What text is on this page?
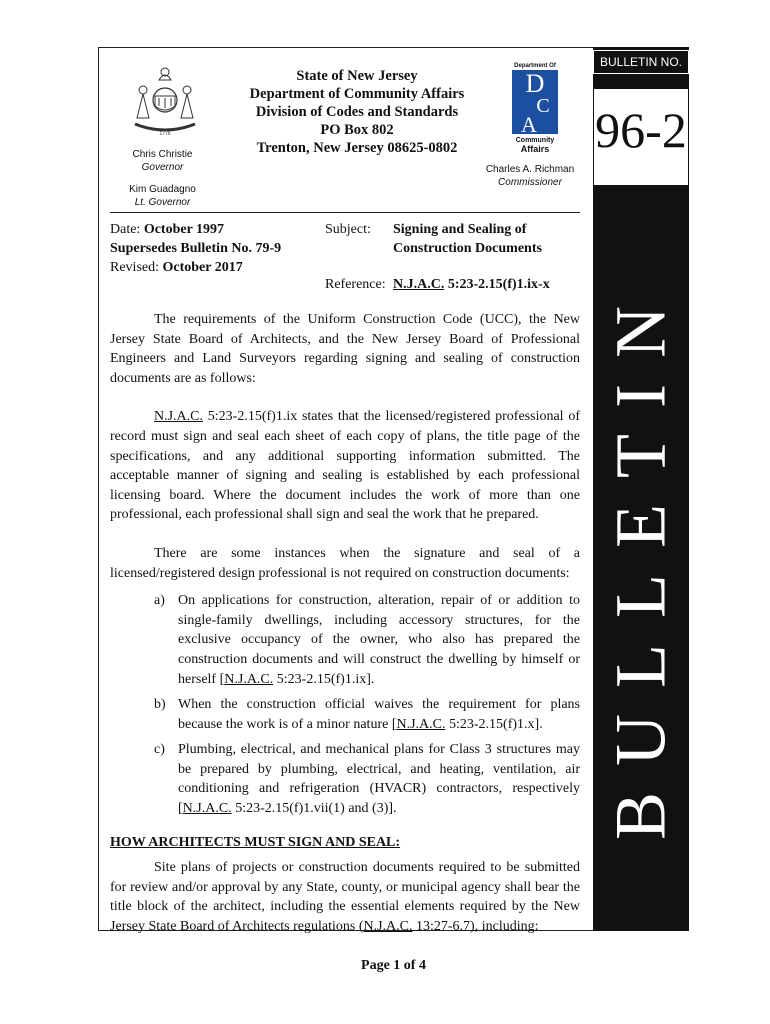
BULLETIN NO.
96-2
BULLETIN
1776
Chris Christie
Governor
Kim Guadagno
Lt. Governor
State of New Jersey
Department of Community Affairs
Division of Codes and Standards
PO Box 802
Trenton, New Jersey 08625-0802
Department Of
D
C
A
Community
Affairs
Charles A. Richman
Commissioner
Date: October 1997
Supersedes Bulletin No. 79-9
Revised: October 2017
Subject: Signing and Sealing of Construction Documents
Reference: N.J.A.C. 5:23-2.15(f)1.ix-x

The requirements of the Uniform Construction Code (UCC), the New Jersey State Board of Architects, and the New Jersey Board of Professional Engineers and Land Surveyors regarding signing and sealing of construction documents are as follows:

N.J.A.C. 5:23-2.15(f)1.ix states that the licensed/registered professional of record must sign and seal each sheet of each copy of plans, the title page of the specifications, and any additional supporting information submitted. The acceptable manner of signing and sealing is established by each professional licensing board. Where the document includes the work of more than one professional, each professional shall sign and seal the work that he prepared.

There are some instances when the signature and seal of a licensed/registered design professional is not required on construction documents:

a) On applications for construction, alteration, repair of or addition to single-family dwellings, including accessory structures, for the exclusive occupancy of the owner, who also has prepared the construction documents and will construct the dwelling by himself or herself [N.J.A.C. 5:23-2.15(f)1.ix].
b) When the construction official waives the requirement for plans because the work is of a minor nature [N.J.A.C. 5:23-2.15(f)1.x].
c) Plumbing, electrical, and mechanical plans for Class 3 structures may be prepared by plumbing, electrical, and heating, ventilation, air conditioning and refrigeration (HVACR) contractors, respectively [N.J.A.C. 5:23-2.15(f)1.vii(1) and (3)].
HOW ARCHITECTS MUST SIGN AND SEAL:

Site plans of projects or construction documents required to be submitted for review and/or approval by any State, county, or municipal agency shall bear the title block of the architect, including the essential elements required by the New Jersey State Board of Architects regulations (N.J.A.C. 13:27-6.7), including:

Page 1 of 4
